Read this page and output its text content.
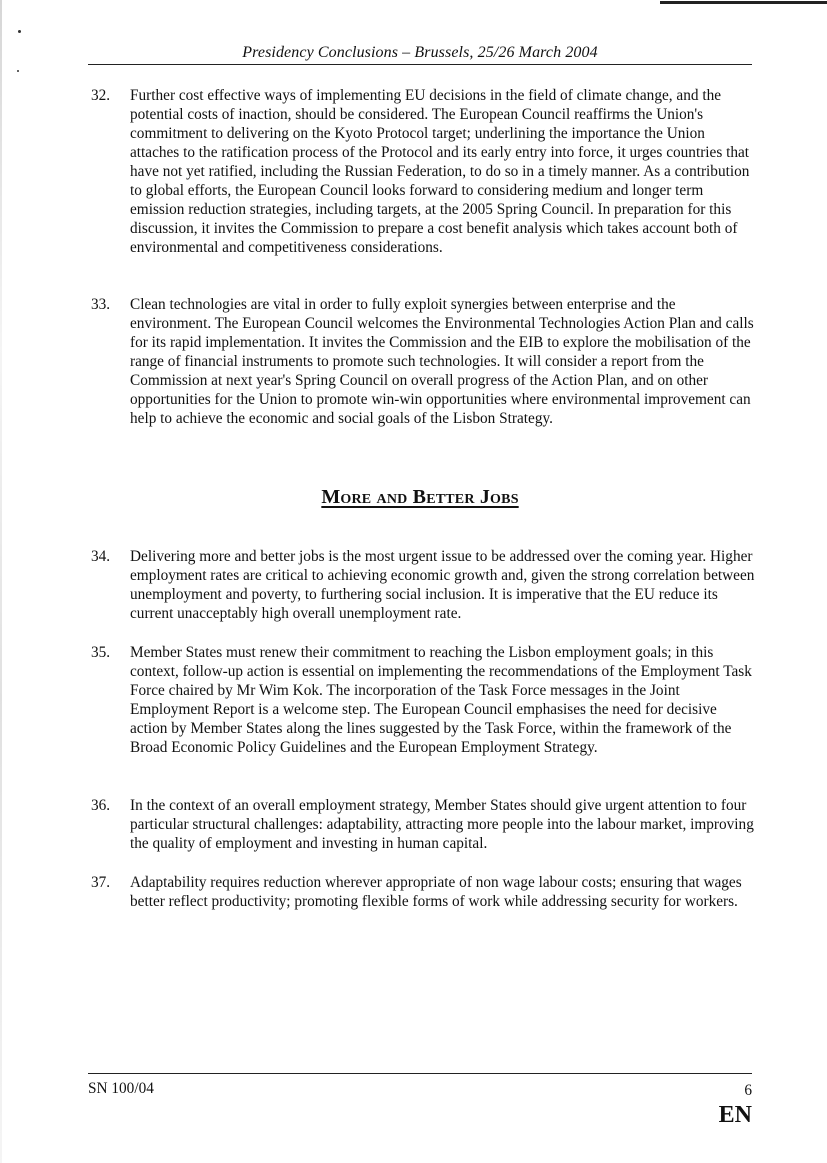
Presidency Conclusions – Brussels, 25/26 March 2004
32.	Further cost effective ways of implementing EU decisions in the field of climate change, and the potential costs of inaction, should be considered. The European Council reaffirms the Union's commitment to delivering on the Kyoto Protocol target; underlining the importance the Union attaches to the ratification process of the Protocol and its early entry into force, it urges countries that have not yet ratified, including the Russian Federation, to do so in a timely manner. As a contribution to global efforts, the European Council looks forward to considering medium and longer term emission reduction strategies, including targets, at the 2005 Spring Council. In preparation for this discussion, it invites the Commission to prepare a cost benefit analysis which takes account both of environmental and competitiveness considerations.
33.	Clean technologies are vital in order to fully exploit synergies between enterprise and the environment. The European Council welcomes the Environmental Technologies Action Plan and calls for its rapid implementation. It invites the Commission and the EIB to explore the mobilisation of the range of financial instruments to promote such technologies. It will consider a report from the Commission at next year's Spring Council on overall progress of the Action Plan, and on other opportunities for the Union to promote win-win opportunities where environmental improvement can help to achieve the economic and social goals of the Lisbon Strategy.
More and Better Jobs
34.	Delivering more and better jobs is the most urgent issue to be addressed over the coming year. Higher employment rates are critical to achieving economic growth and, given the strong correlation between unemployment and poverty, to furthering social inclusion. It is imperative that the EU reduce its current unacceptably high overall unemployment rate.
35.	Member States must renew their commitment to reaching the Lisbon employment goals; in this context, follow-up action is essential on implementing the recommendations of the Employment Task Force chaired by Mr Wim Kok. The incorporation of the Task Force messages in the Joint Employment Report is a welcome step. The European Council emphasises the need for decisive action by Member States along the lines suggested by the Task Force, within the framework of the Broad Economic Policy Guidelines and the European Employment Strategy.
36.	In the context of an overall employment strategy, Member States should give urgent attention to four particular structural challenges: adaptability, attracting more people into the labour market, improving the quality of employment and investing in human capital.
37.	Adaptability requires reduction wherever appropriate of non wage labour costs; ensuring that wages better reflect productivity; promoting flexible forms of work while addressing security for workers.
SN 100/04	6
EN
